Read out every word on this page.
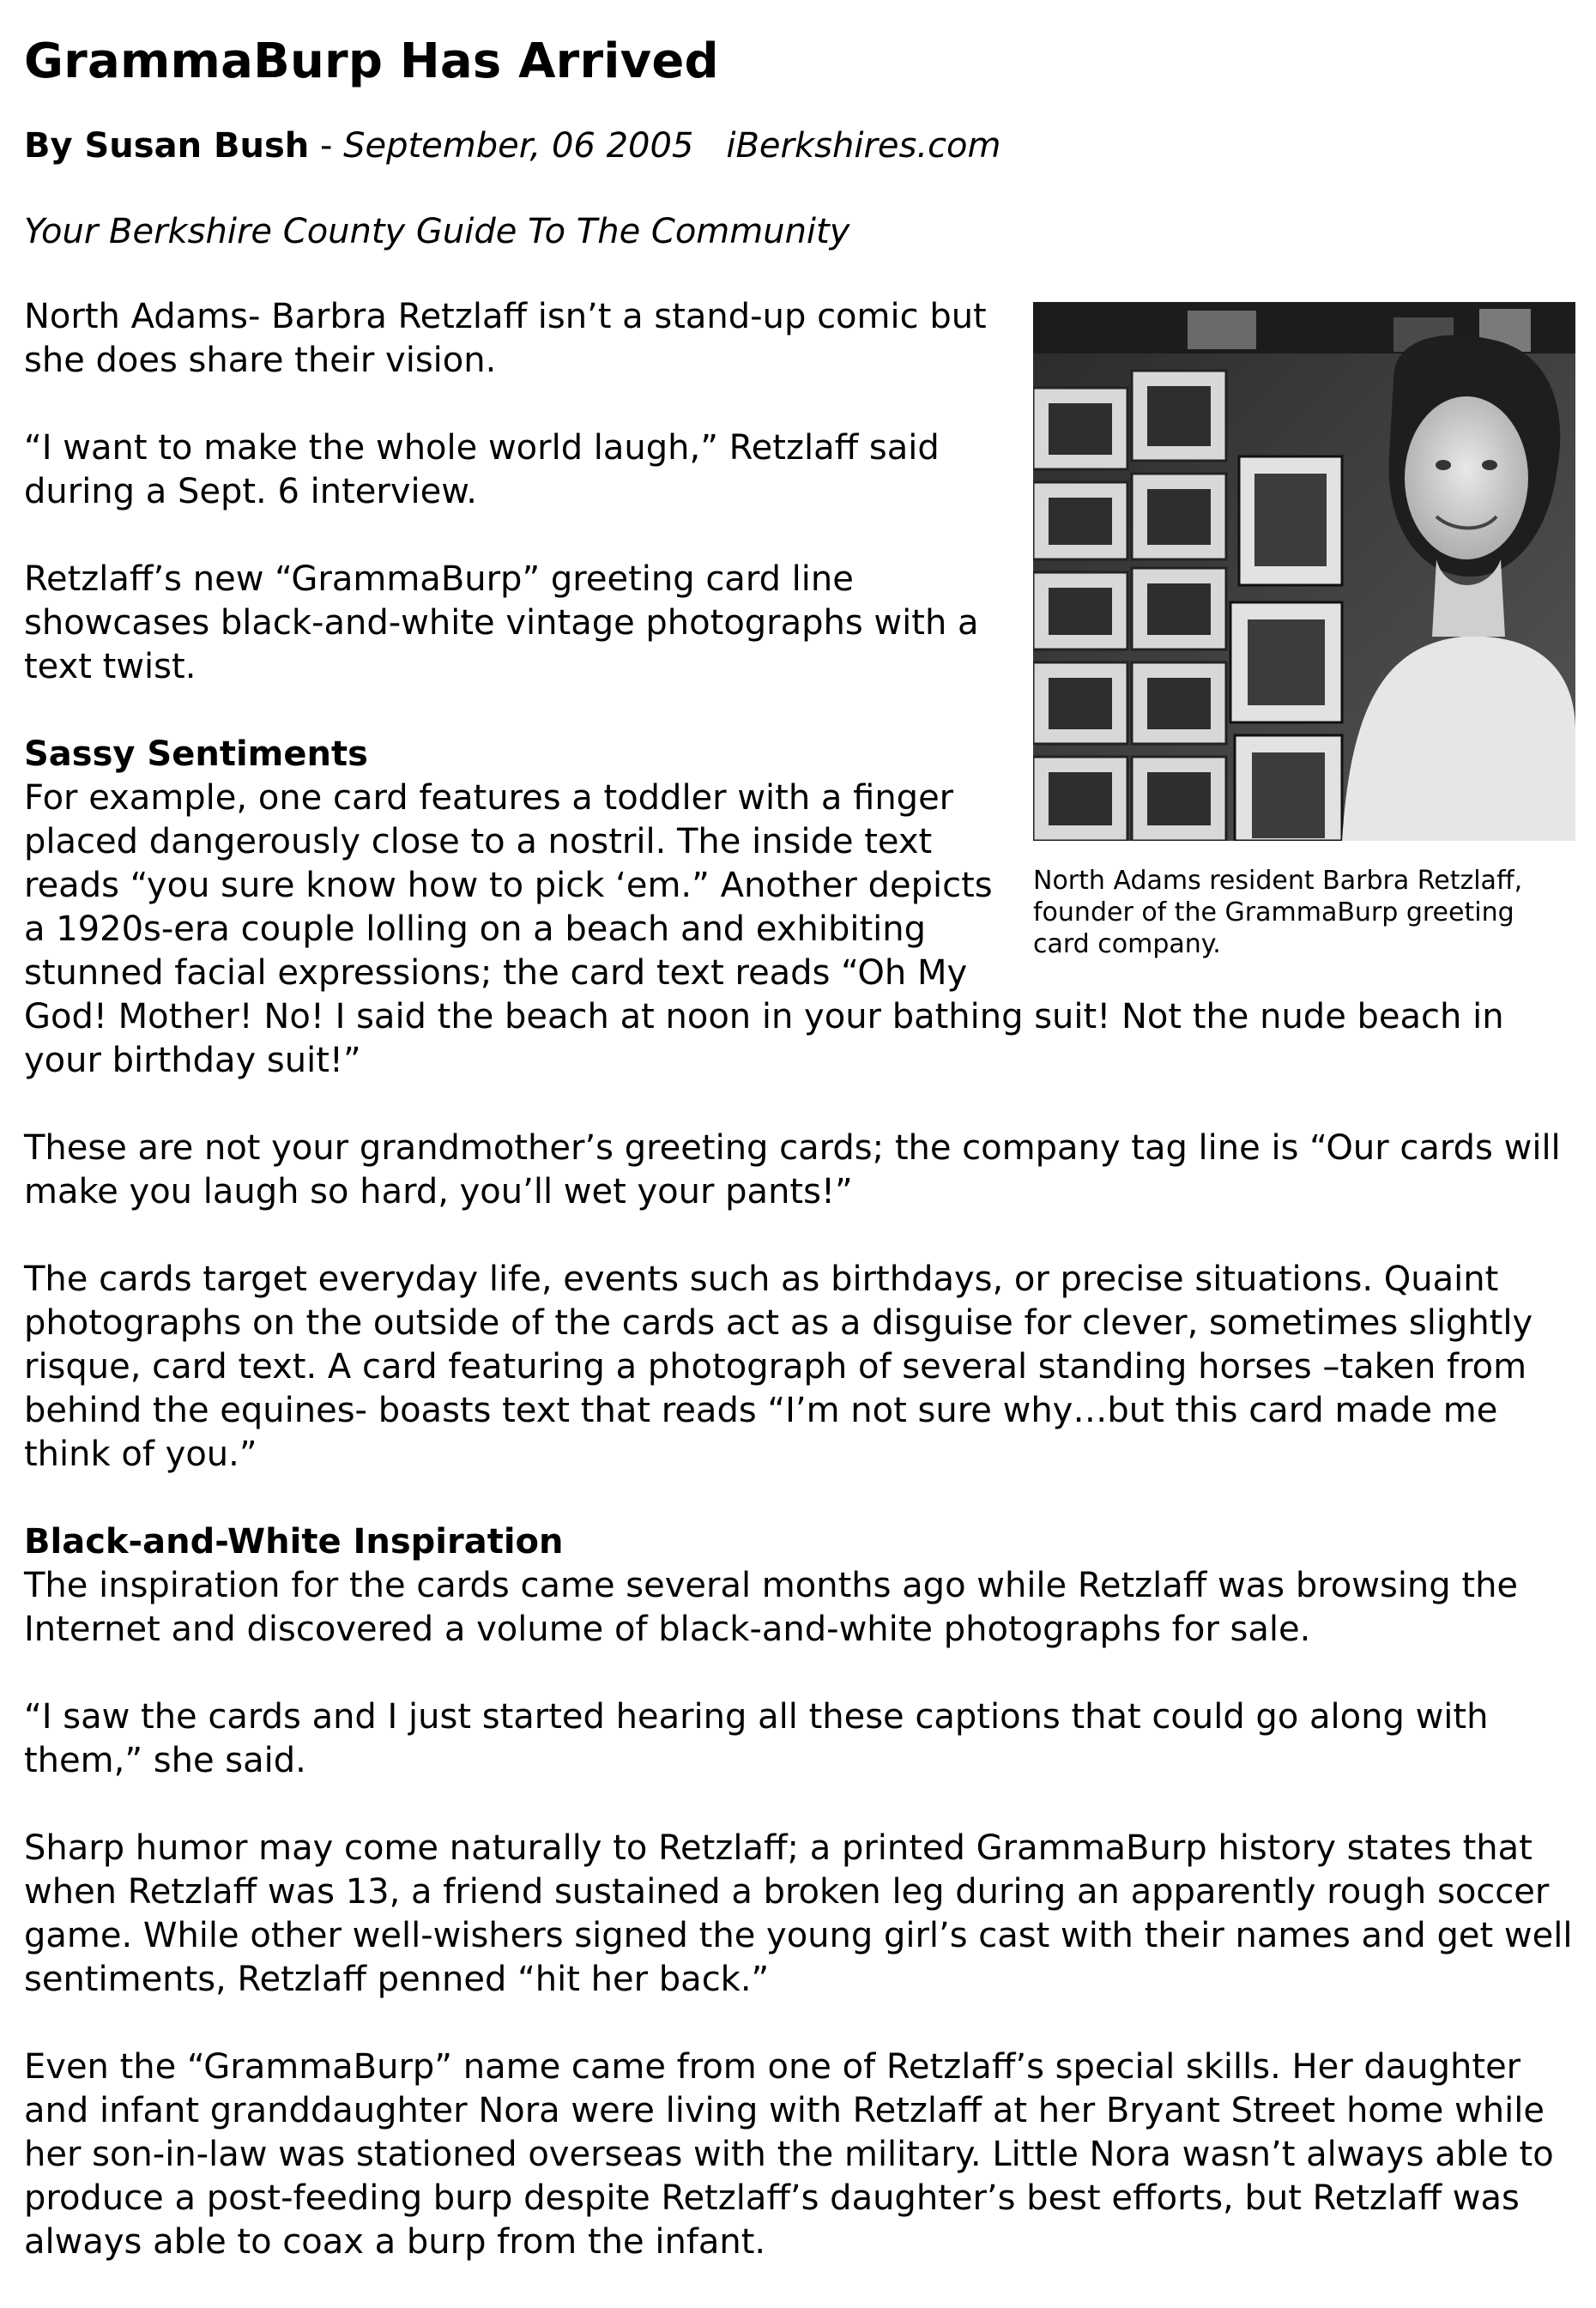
GrammaBurp Has Arrived
By Susan Bush - September, 06 2005 iBerkshires.com
Your Berkshire County Guide To The Community
North Adams resident Barbra Retzlaff, founder of the GrammaBurp greeting card company.

North Adams- Barbra Retzlaff isn’t a stand-up comic but she does share their vision.

“I want to make the whole world laugh,” Retzlaff said during a Sept. 6 interview.

Retzlaff’s new “GrammaBurp” greeting card line showcases black-and-white vintage photographs with a text twist.

Sassy Sentiments

For example, one card features a toddler with a finger placed dangerously close to a nostril. The inside text reads “you sure know how to pick ‘em.” Another depicts a 1920s-era couple lolling on a beach and exhibiting stunned facial expressions; the card text reads “Oh My God! Mother! No! I said the beach at noon in your bathing suit! Not the nude beach in your birthday suit!”

These are not your grandmother’s greeting cards; the company tag line is “Our cards will make you laugh so hard, you’ll wet your pants!”

The cards target everyday life, events such as birthdays, or precise situations. Quaint photographs on the outside of the cards act as a disguise for clever, sometimes slightly risque, card text. A card featuring a photograph of several standing horses –taken from behind the equines- boasts text that reads “I’m not sure why…but this card made me think of you.”

Black-and-White Inspiration

The inspiration for the cards came several months ago while Retzlaff was browsing the Internet and discovered a volume of black-and-white photographs for sale.

“I saw the cards and I just started hearing all these captions that could go along with them,” she said.

Sharp humor may come naturally to Retzlaff; a printed GrammaBurp history states that when Retzlaff was 13, a friend sustained a broken leg during an apparently rough soccer game. While other well-wishers signed the young girl’s cast with their names and get well sentiments, Retzlaff penned “hit her back.”

Even the “GrammaBurp” name came from one of Retzlaff’s special skills. Her daughter and infant granddaughter Nora were living with Retzlaff at her Bryant Street home while her son-in-law was stationed overseas with the military. Little Nora wasn’t always able to produce a post-feeding burp despite Retzlaff’s daughter’s best efforts, but Retzlaff was always able to coax a burp from the infant.
